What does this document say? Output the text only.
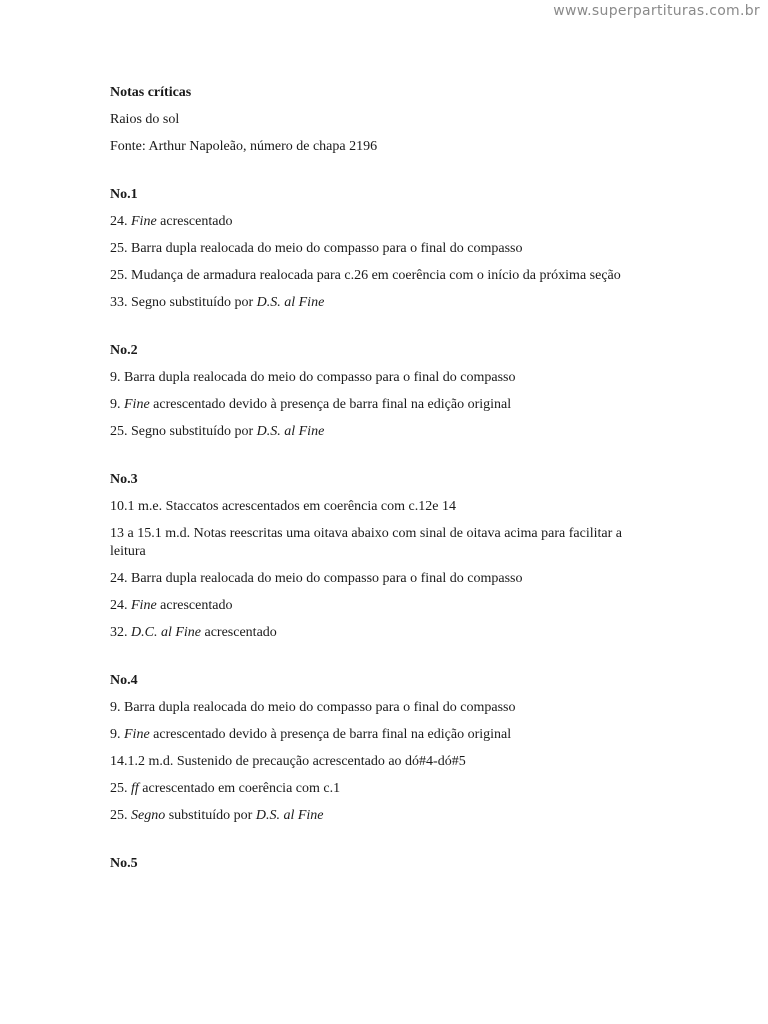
www.superpartituras.com.br
Notas críticas
Raios do sol
Fonte: Arthur Napoleão, número de chapa 2196
No.1
24. Fine acrescentado
25. Barra dupla realocada do meio do compasso para o final do compasso
25. Mudança de armadura realocada para c.26 em coerência com o início da próxima seção
33. Segno substituído por D.S. al Fine
No.2
9. Barra dupla realocada do meio do compasso para o final do compasso
9. Fine acrescentado devido à presença de barra final na edição original
25. Segno substituído por D.S. al Fine
No.3
10.1 m.e. Staccatos acrescentados em coerência com c.12e 14
13 a 15.1 m.d. Notas reescritas uma oitava abaixo com sinal de oitava acima para facilitar a leitura
24. Barra dupla realocada do meio do compasso para o final do compasso
24. Fine acrescentado
32. D.C. al Fine acrescentado
No.4
9. Barra dupla realocada do meio do compasso para o final do compasso
9. Fine acrescentado devido à presença de barra final na edição original
14.1.2 m.d. Sustenido de precaução acrescentado ao dó#4-dó#5
25. ff acrescentado em coerência com c.1
25. Segno substituído por D.S. al Fine
No.5
